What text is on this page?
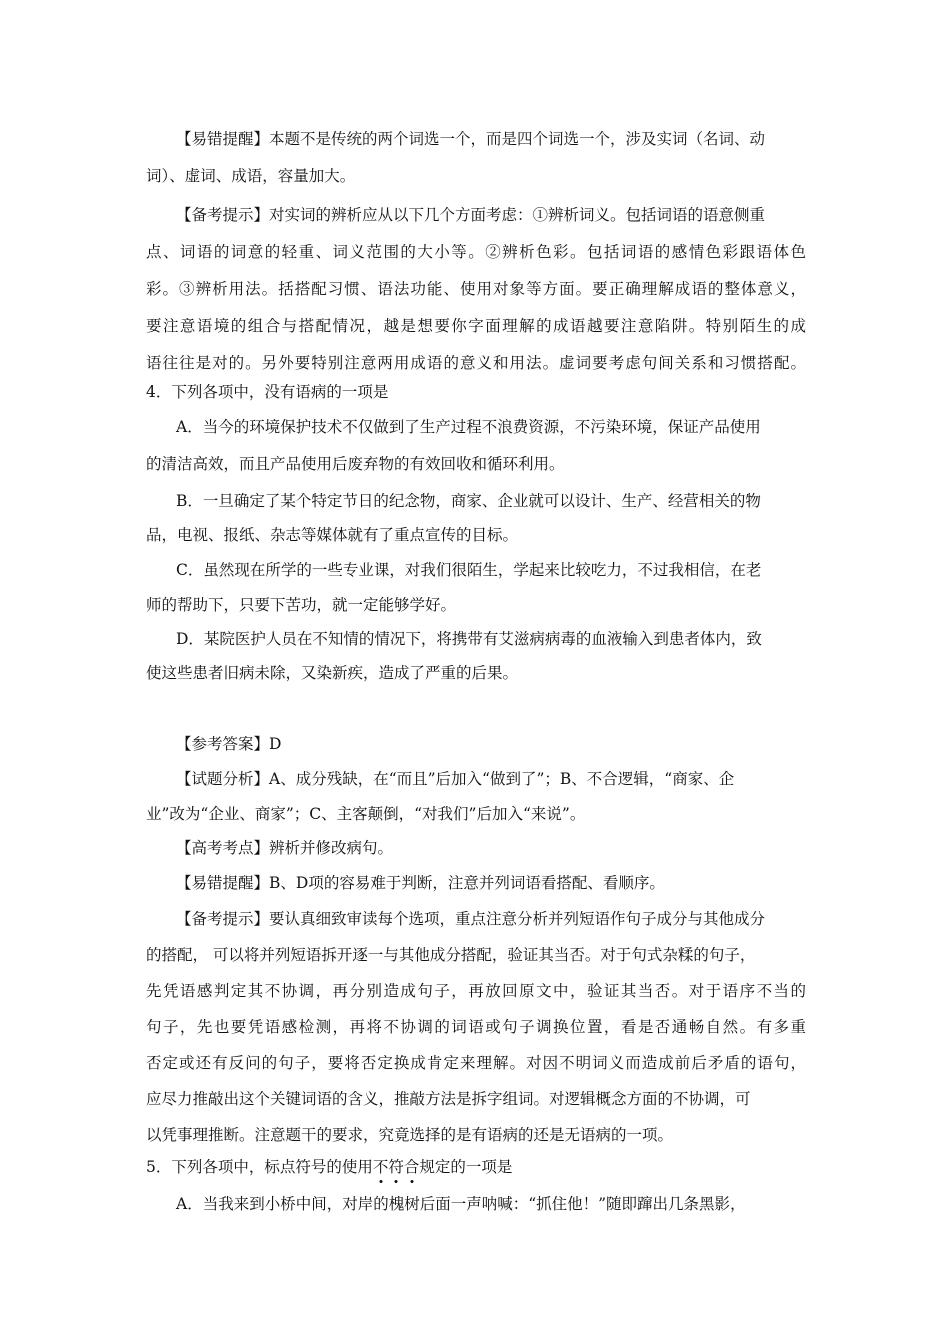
【易错提醒】本题不是传统的两个词选一个，而是四个词选一个，涉及实词（名词、动
词）、虚词、成语，容量加大。
【备考提示】对实词的辨析应从以下几个方面考虑：①辨析词义。包括词语的语意侧重
点、词语的词意的轻重、词义范围的大小等。②辨析色彩。包括词语的感情色彩跟语体色
彩。③辨析用法。括搭配习惯、语法功能、使用对象等方面。要正确理解成语的整体意义，
要注意语境的组合与搭配情况，越是想要你字面理解的成语越要注意陷阱。特别陌生的成
语往往是对的。另外要特别注意两用成语的意义和用法。虚词要考虑句间关系和习惯搭配。
4．下列各项中，没有语病的一项是
A．当今的环境保护技术不仅做到了生产过程不浪费资源，不污染环境，保证产品使用
的清洁高效，而且产品使用后废弃物的有效回收和循环利用。
B．一旦确定了某个特定节日的纪念物，商家、企业就可以设计、生产、经营相关的物
品，电视、报纸、杂志等媒体就有了重点宣传的目标。
C．虽然现在所学的一些专业课，对我们很陌生，学起来比较吃力，不过我相信，在老
师的帮助下，只要下苦功，就一定能够学好。
D．某院医护人员在不知情的情况下，将携带有艾滋病病毒的血液输入到患者体内，致
使这些患者旧病未除，又染新疾，造成了严重的后果。
【参考答案】D
【试题分析】A、成分残缺，在“而且”后加入“做到了”；B、不合逻辑，“商家、企
业”改为“企业、商家”；C、主客颠倒，“对我们”后加入“来说”。
【高考考点】辨析并修改病句。
【易错提醒】B、D项的容易难于判断，注意并列词语看搭配、看顺序。
【备考提示】要认真细致审读每个选项，重点注意分析并列短语作句子成分与其他成分
的搭配， 可以将并列短语拆开逐一与其他成分搭配，验证其当否。对于句式杂糅的句子，
先凭语感判定其不协调，再分别造成句子，再放回原文中，验证其当否。对于语序不当的
句子，先也要凭语感检测，再将不协调的词语或句子调换位置，看是否通畅自然。有多重
否定或还有反问的句子，要将否定换成肯定来理解。对因不明词义而造成前后矛盾的语句，
应尽力推敲出这个关键词语的含义，推敲方法是拆字组词。对逻辑概念方面的不协调，可
以凭事理推断。注意题干的要求，究竟选择的是有语病的还是无语病的一项。
5．下列各项中，标点符号的使用不符合规定的一项是
A．当我来到小桥中间，对岸的槐树后面一声呐喊：“抓住他！”随即蹿出几条黑影，
